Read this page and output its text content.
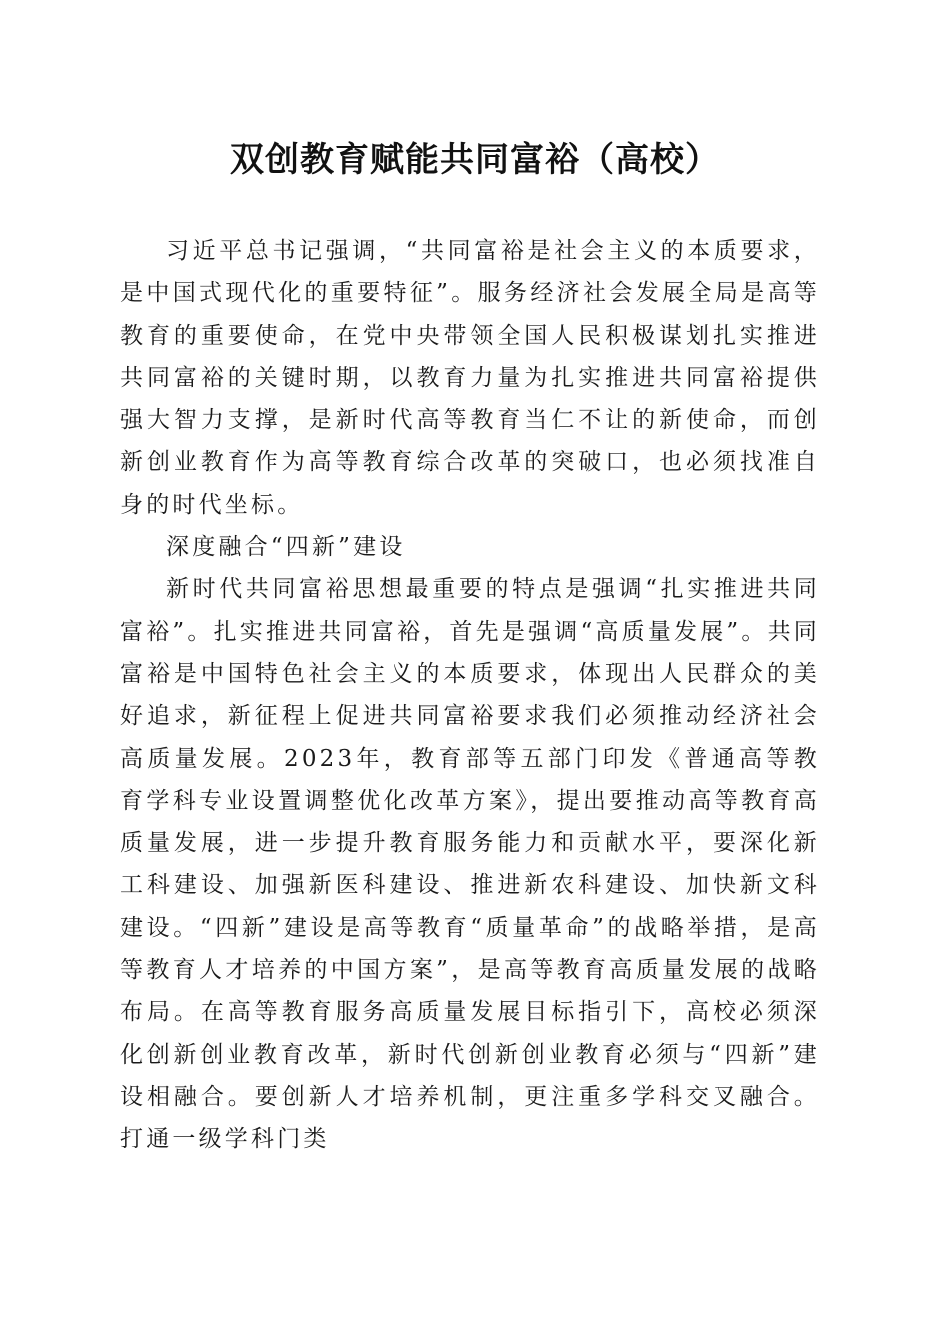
双创教育赋能共同富裕（高校）

习近平总书记强调，“共同富裕是社会主义的本质要求，是中国式现代化的重要特征”。服务经济社会发展全局是高等教育的重要使命，在党中央带领全国人民积极谋划扎实推进共同富裕的关键时期，以教育力量为扎实推进共同富裕提供强大智力支撑，是新时代高等教育当仁不让的新使命，而创新创业教育作为高等教育综合改革的突破口，也必须找准自身的时代坐标。

深度融合“四新”建设

新时代共同富裕思想最重要的特点是强调“扎实推进共同富裕”。扎实推进共同富裕，首先是强调“高质量发展”。共同富裕是中国特色社会主义的本质要求，体现出人民群众的美好追求，新征程上促进共同富裕要求我们必须推动经济社会高质量发展。2023年，教育部等五部门印发《普通高等教育学科专业设置调整优化改革方案》，提出要推动高等教育高质量发展，进一步提升教育服务能力和贡献水平，要深化新工科建设、加强新医科建设、推进新农科建设、加快新文科建设。“四新”建设是高等教育“质量革命”的战略举措，是高等教育人才培养的中国方案”，是高等教育高质量发展的战略布局。在高等教育服务高质量发展目标指引下，高校必须深化创新创业教育改革，新时代创新创业教育必须与“四新”建设相融合。要创新人才培养机制，更注重多学科交叉融合。打通一级学科门类
